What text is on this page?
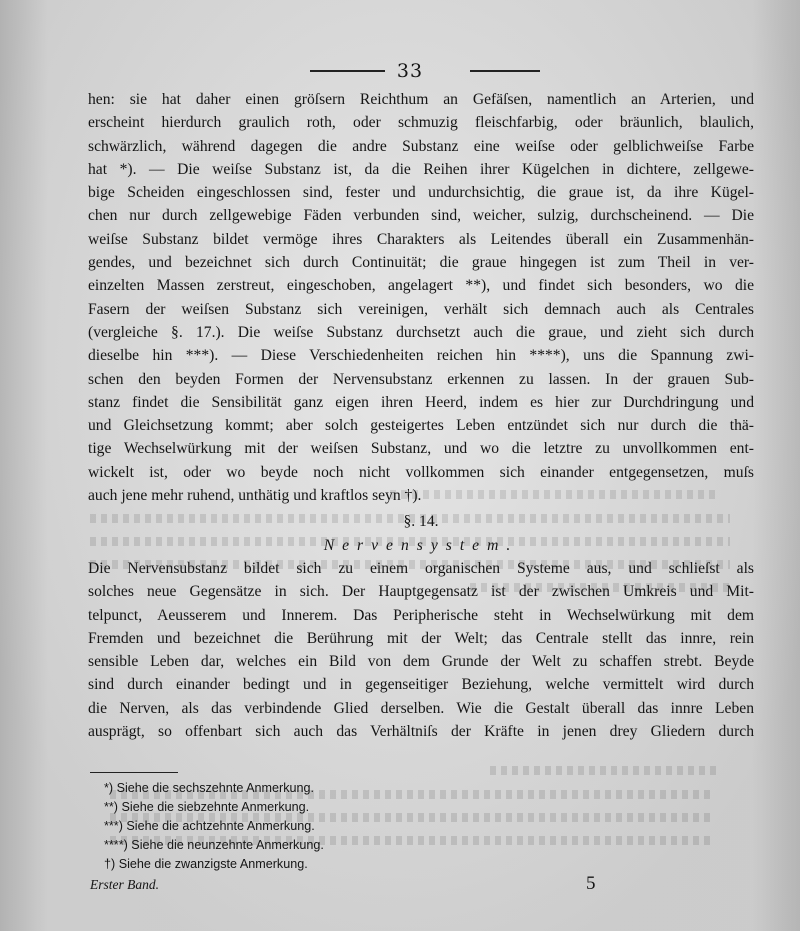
33
hen: sie hat daher einen gröſsern Reichthum an Gefäſsen, namentlich an Arterien, und
erscheint hierdurch graulich roth, oder schmuzig fleischfarbig, oder bräunlich, blaulich,
schwärzlich, während dagegen die andre Substanz eine weiſse oder gelblichweiſse Farbe
hat *). — Die weiſse Substanz ist, da die Reihen ihrer Kügelchen in dichtere, zellgewe-
bige Scheiden eingeschlossen sind, fester und undurchsichtig, die graue ist, da ihre Kügel-
chen nur durch zellgewebige Fäden verbunden sind, weicher, sulzig, durchscheinend. — Die
weiſse Substanz bildet vermöge ihres Charakters als Leitendes überall ein Zusammenhän-
gendes, und bezeichnet sich durch Continuität; die graue hingegen ist zum Theil in ver-
einzelten Massen zerstreut, eingeschoben, angelagert **), und findet sich besonders, wo die
Fasern der weiſsen Substanz sich vereinigen, verhält sich demnach auch als Centrales
(vergleiche §. 17.). Die weiſse Substanz durchsetzt auch die graue, und zieht sich durch
dieselbe hin ***). — Diese Verschiedenheiten reichen hin ****), uns die Spannung zwi-
schen den beyden Formen der Nervensubstanz erkennen zu lassen. In der grauen Sub-
stanz findet die Sensibilität ganz eigen ihren Heerd, indem es hier zur Durchdringung und
und Gleichsetzung kommt; aber solch gesteigertes Leben entzündet sich nur durch die thä-
tige Wechselwürkung mit der weiſsen Substanz, und wo die letztre zu unvollkommen ent-
wickelt ist, oder wo beyde noch nicht vollkommen sich einander entgegensetzen, muſs
auch jene mehr ruhend, unthätig und kraftlos seyn †).
§. 14.
Nervensystem.
Die Nervensubstanz bildet sich zu einem organischen Systeme aus, und schlieſst als
solches neue Gegensätze in sich. Der Hauptgegensatz ist der zwischen Umkreis und Mit-
telpunct, Aeusserem und Innerem. Das Peripherische steht in Wechselwürkung mit dem
Fremden und bezeichnet die Berührung mit der Welt; das Centrale stellt das innre, rein
sensible Leben dar, welches ein Bild von dem Grunde der Welt zu schaffen strebt. Beyde
sind durch einander bedingt und in gegenseitiger Beziehung, welche vermittelt wird durch
die Nerven, als das verbindende Glied derselben. Wie die Gestalt überall das innre Leben
ausprägt, so offenbart sich auch das Verhältniſs der Kräfte in jenen drey Gliedern durch
*) Siehe die sechszehnte Anmerkung.
**) Siehe die siebzehnte Anmerkung.
***) Siehe die achtzehnte Anmerkung.
****) Siehe die neunzehnte Anmerkung.
†) Siehe die zwanzigste Anmerkung.
Erster Band.	5
